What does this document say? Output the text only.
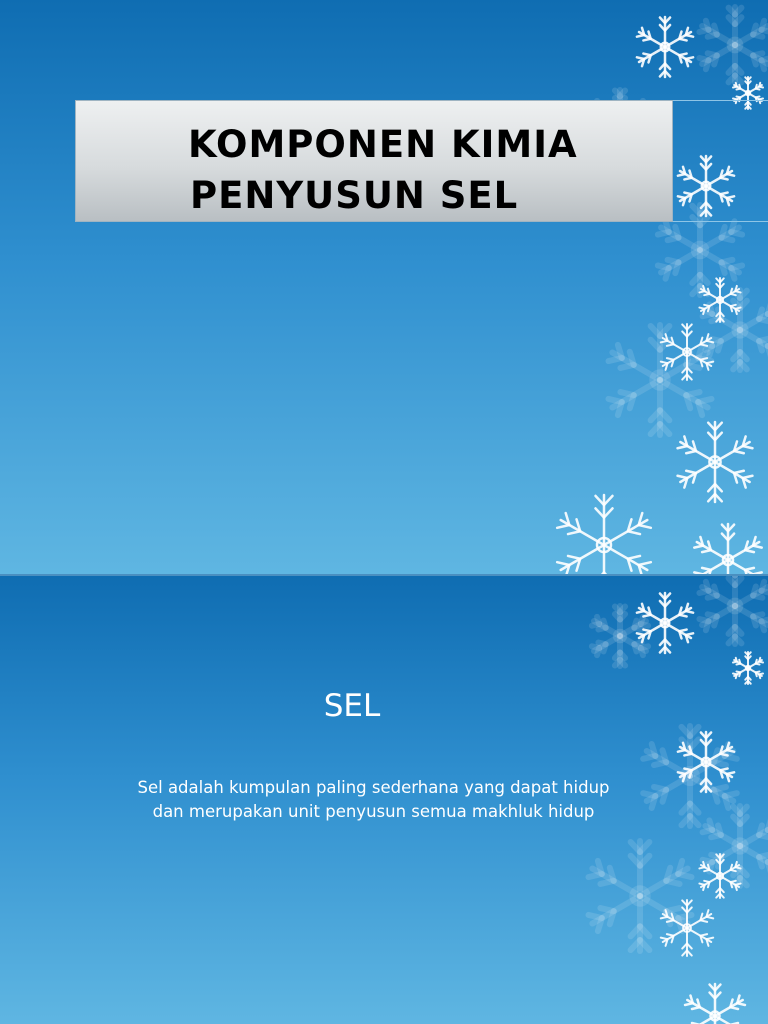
KOMPONEN KIMIA
PENYUSUN SEL
SEL
Sel adalah kumpulan paling sederhana yang dapat hidup
dan merupakan unit penyusun semua makhluk hidup
